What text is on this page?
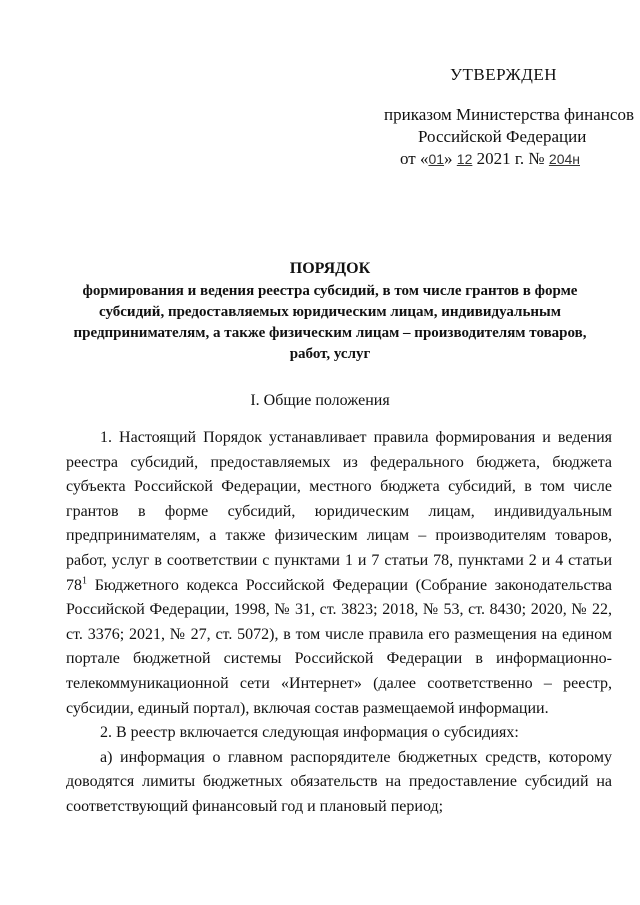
УТВЕРЖДЕН
приказом Министерства финансов
Российской Федерации
от «01» 12 2021 г. № 204н
ПОРЯДОК
формирования и ведения реестра субсидий, в том числе грантов в форме субсидий, предоставляемых юридическим лицам, индивидуальным предпринимателям, а также физическим лицам – производителям товаров, работ, услуг
I. Общие положения

1. Настоящий Порядок устанавливает правила формирования и ведения реестра субсидий, предоставляемых из федерального бюджета, бюджета субъекта Российской Федерации, местного бюджета субсидий, в том числе грантов в форме субсидий, юридическим лицам, индивидуальным предпринимателям, а также физическим лицам – производителям товаров, работ, услуг в соответствии с пунктами 1 и 7 статьи 78, пунктами 2 и 4 статьи $78^1$ Бюджетного кодекса Российской Федерации (Собрание законодательства Российской Федерации, 1998, № 31, ст. 3823; 2018, № 53, ст. 8430; 2020, № 22, ст. 3376; 2021, № 27, ст. 5072), в том числе правила его размещения на едином портале бюджетной системы Российской Федерации в информационно-телекоммуникационной сети «Интернет» (далее соответственно – реестр, субсидии, единый портал), включая состав размещаемой информации.

2. В реестр включается следующая информация о субсидиях:

а) информация о главном распорядителе бюджетных средств, которому доводятся лимиты бюджетных обязательств на предоставление субсидий на соответствующий финансовый год и плановый период;
